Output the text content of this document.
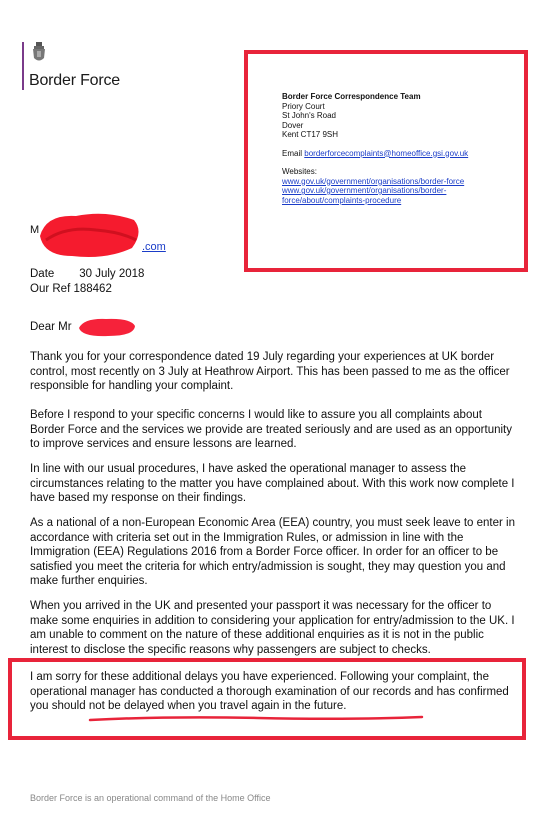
Border Force
Border Force Correspondence Team
Priory Court
St John's Road
Dover
Kent CT17 9SH
Email borderforcecomplaints@homeoffice.gsi.gov.uk
Websites:
www.gov.uk/government/organisations/border-force
www.gov.uk/government/organisations/border-
force/about/complaints-procedure
M
.com
Date 30 July 2018
Our Ref 188462
Dear Mr
Thank you for your correspondence dated 19 July regarding your experiences at UK border control, most recently on 3 July at Heathrow Airport. This has been passed to me as the officer responsible for handling your complaint.
Before I respond to your specific concerns I would like to assure you all complaints about Border Force and the services we provide are treated seriously and are used as an opportunity to improve services and ensure lessons are learned.
In line with our usual procedures, I have asked the operational manager to assess the circumstances relating to the matter you have complained about. With this work now complete I have based my response on their findings.
As a national of a non-European Economic Area (EEA) country, you must seek leave to enter in accordance with criteria set out in the Immigration Rules, or admission in line with the Immigration (EEA) Regulations 2016 from a Border Force officer. In order for an officer to be satisfied you meet the criteria for which entry/admission is sought, they may question you and make further enquiries.
When you arrived in the UK and presented your passport it was necessary for the officer to make some enquiries in addition to considering your application for entry/admission to the UK. I am unable to comment on the nature of these additional enquiries as it is not in the public interest to disclose the specific reasons why passengers are subject to checks.
I am sorry for these additional delays you have experienced. Following your complaint, the operational manager has conducted a thorough examination of our records and has confirmed you should not be delayed when you travel again in the future.
Border Force is an operational command of the Home Office
